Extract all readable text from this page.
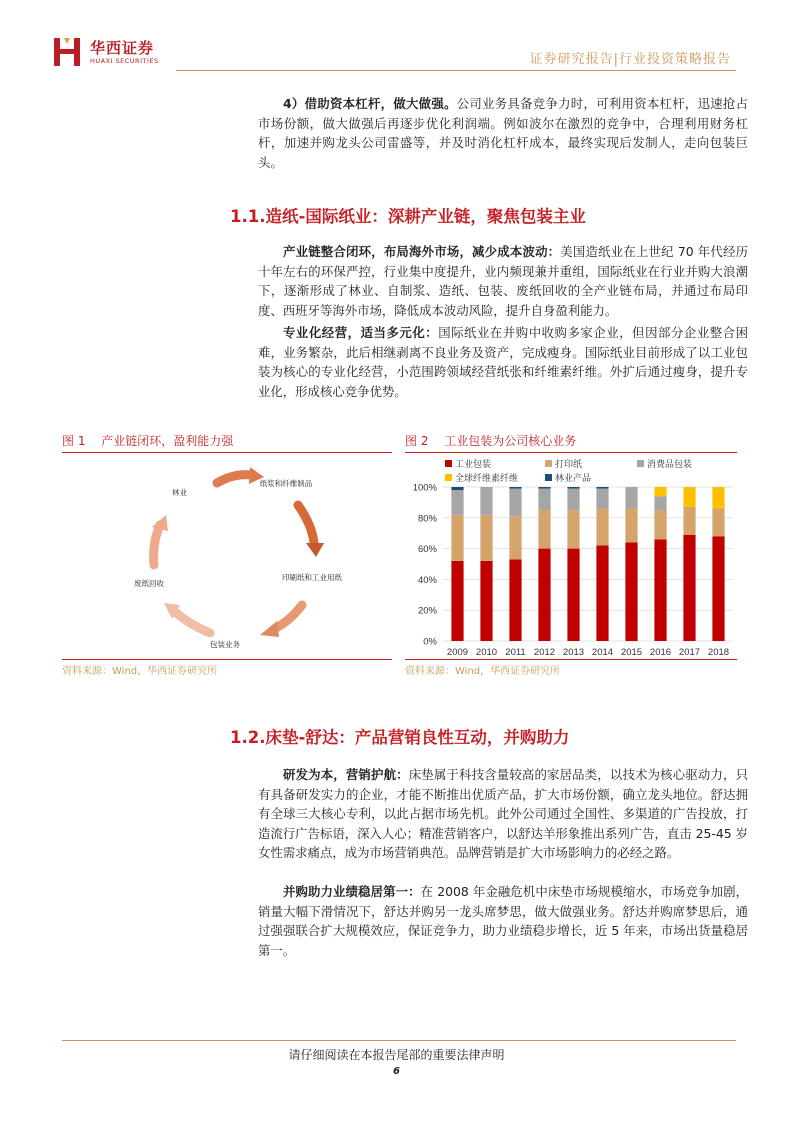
华西证券
HUAXI SECURITIES	证券研究报告|行业投资策略报告

4）借助资本杠杆，做大做强。公司业务具备竞争力时，可利用资本杠杆，迅速抢占市场份额，做大做强后再逐步优化利润端。例如波尔在激烈的竞争中，合理利用财务杠杆，加速并购龙头公司雷盛等，并及时消化杠杆成本，最终实现后发制人，走向包装巨头。

1.1.造纸-国际纸业：深耕产业链，聚焦包装主业

产业链整合闭环，布局海外市场，减少成本波动：美国造纸业在上世纪 70 年代经历十年左右的环保严控，行业集中度提升，业内频现兼并重组，国际纸业在行业并购大浪潮下，逐渐形成了林业、自制浆、造纸、包装、废纸回收的全产业链布局，并通过布局印度、西班牙等海外市场，降低成本波动风险，提升自身盈利能力。

专业化经营，适当多元化：国际纸业在并购中收购多家企业，但因部分企业整合困难，业务繁杂，此后相继剥离不良业务及资产，完成瘦身。国际纸业目前形成了以工业包装为核心的专业化经营，小范围跨领域经营纸张和纤维素纤维。外扩后通过瘦身，提升专业化，形成核心竞争优势。

图 1　 产业链闭环，盈利能力强
林业
纸浆和纤维制品
印刷纸和工业用纸
包装业务
废纸回收
资料来源：Wind，华西证券研究所
图 2　 工业包装为公司核心业务
0%
20%
40%
60%
80%
100%
工业包装	打印纸	消费品包装
全球纤维素纤维	林业产品
2009 2010 2011 2012 2013 2014 2015 2016 2017 2018
资料来源：Wind，华西证券研究所
1.2.床垫-舒达：产品营销良性互动，并购助力

研发为本，营销护航：床垫属于科技含量较高的家居品类，以技术为核心驱动力，只有具备研发实力的企业，才能不断推出优质产品，扩大市场份额，确立龙头地位。舒达拥有全球三大核心专利，以此占据市场先机。此外公司通过全国性、多渠道的广告投放，打造流行广告标语，深入人心；精准营销客户，以舒达羊形象推出系列广告，直击 25-45 岁女性需求痛点，成为市场营销典范。品牌营销是扩大市场影响力的必经之路。

并购助力业绩稳居第一：在 2008 年金融危机中床垫市场规模缩水，市场竞争加剧，销量大幅下滑情况下，舒达并购另一龙头席梦思，做大做强业务。舒达并购席梦思后，通过强强联合扩大规模效应，保证竞争力，助力业绩稳步增长，近 5 年来，市场出货量稳居第一。

请仔细阅读在本报告尾部的重要法律声明
6
